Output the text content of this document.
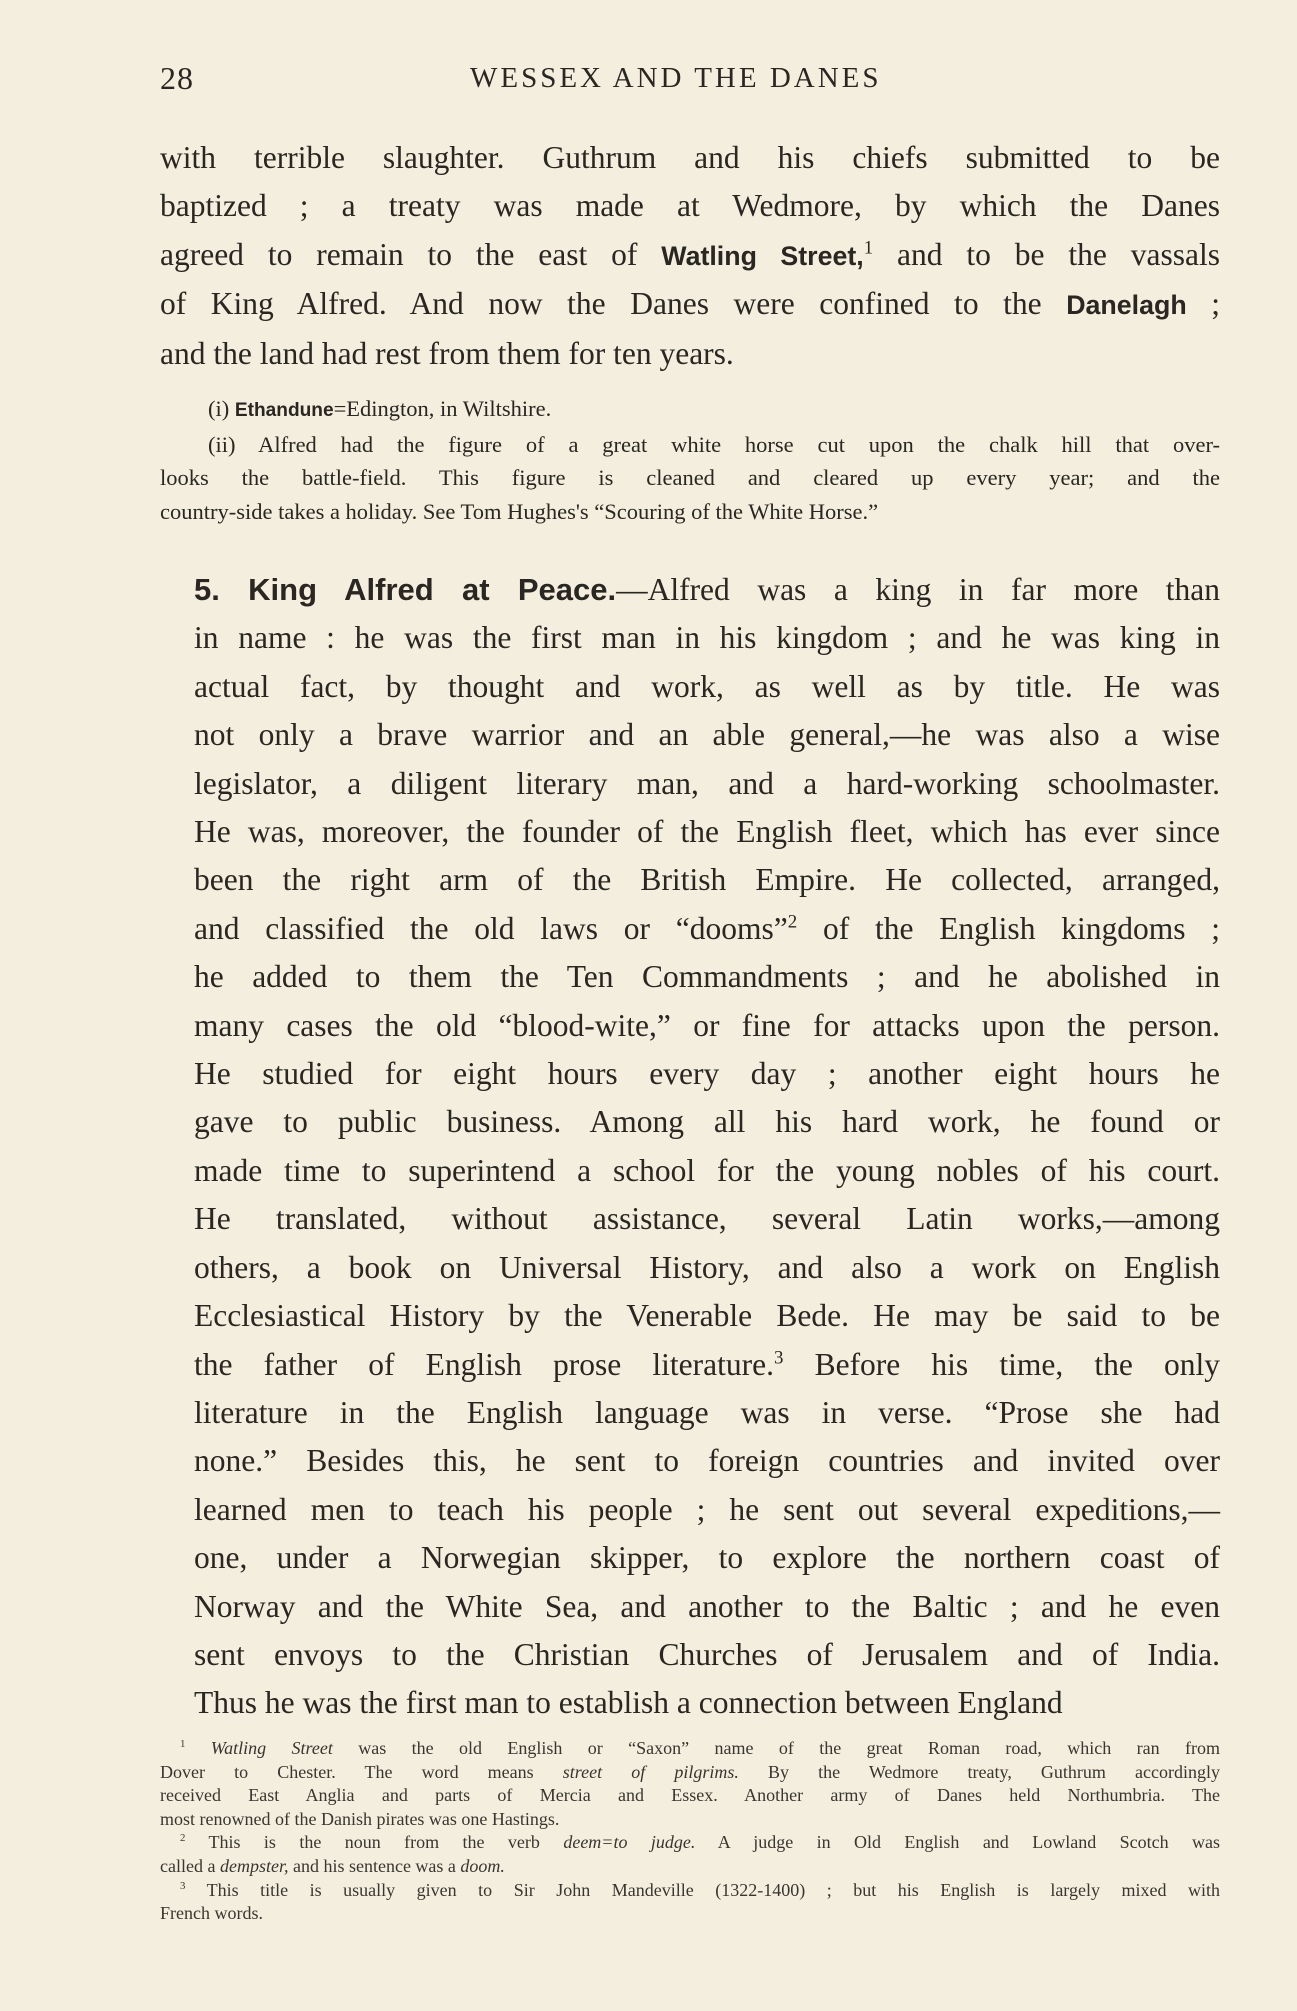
28	WESSEX AND THE DANES
with terrible slaughter. Guthrum and his chiefs submitted to be
baptized ; a treaty was made at Wedmore, by which the Danes
agreed to remain to the east of Watling Street,$^1$ and to be the vassals
of King Alfred. And now the Danes were confined to the Danelagh ;
and the land had rest from them for ten years.
(i) Ethandune=Edington, in Wiltshire.
(ii) Alfred had the figure of a great white horse cut upon the chalk hill that over-
looks the battle-field. This figure is cleaned and cleared up every year; and the
country-side takes a holiday. See Tom Hughes's “Scouring of the White Horse.”
5. King Alfred at Peace.—Alfred was a king in far more than
in name : he was the first man in his kingdom ; and he was king in
actual fact, by thought and work, as well as by title. He was
not only a brave warrior and an able general,—he was also a wise
legislator, a diligent literary man, and a hard-working schoolmaster.
He was, moreover, the founder of the English fleet, which has ever since
been the right arm of the British Empire. He collected, arranged,
and classified the old laws or “dooms”$^2$ of the English kingdoms ;
he added to them the Ten Commandments ; and he abolished in
many cases the old “blood-wite,” or fine for attacks upon the person.
He studied for eight hours every day ; another eight hours he
gave to public business. Among all his hard work, he found or
made time to superintend a school for the young nobles of his court.
He translated, without assistance, several Latin works,—among
others, a book on Universal History, and also a work on English
Ecclesiastical History by the Venerable Bede. He may be said to be
the father of English prose literature.$^3$ Before his time, the only
literature in the English language was in verse. “Prose she had
none.” Besides this, he sent to foreign countries and invited over
learned men to teach his people ; he sent out several expeditions,—
one, under a Norwegian skipper, to explore the northern coast of
Norway and the White Sea, and another to the Baltic ; and he even
sent envoys to the Christian Churches of Jerusalem and of India.
Thus he was the first man to establish a connection between England
$^1$ Watling Street was the old English or “Saxon” name of the great Roman road, which ran from
Dover to Chester. The word means street of pilgrims. By the Wedmore treaty, Guthrum accordingly
received East Anglia and parts of Mercia and Essex. Another army of Danes held Northumbria. The
most renowned of the Danish pirates was one Hastings.
$^2$ This is the noun from the verb deem=to judge. A judge in Old English and Lowland Scotch was
called a dempster, and his sentence was a doom.
$^3$ This title is usually given to Sir John Mandeville (1322-1400) ; but his English is largely mixed with
French words.
